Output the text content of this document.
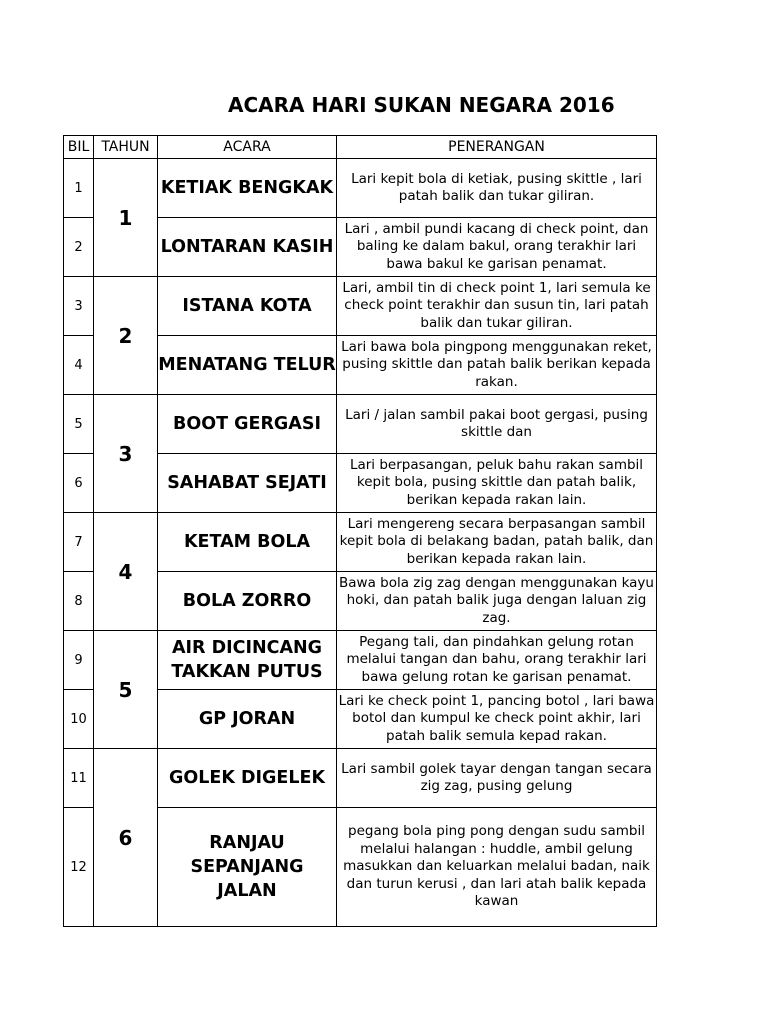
ACARA HARI SUKAN NEGARA 2016
BIL	TAHUN	ACARA	PENERANGAN
1	1	KETIAK BENGKAK	Lari kepit bola di ketiak, pusing skittle , lari patah balik dan tukar giliran.

2		LONTARAN KASIH	Lari , ambil pundi kacang di check point, dan baling ke dalam bakul, orang terakhir lari bawa bakul ke garisan penamat.

3	2	ISTANA KOTA	Lari, ambil tin di check point 1, lari semula ke check point terakhir dan susun tin, lari patah balik dan tukar giliran.

4		MENATANG TELUR	Lari bawa bola pingpong menggunakan reket, pusing skittle dan patah balik berikan kepada rakan.

5	3	BOOT GERGASI	Lari / jalan sambil pakai boot gergasi, pusing skittle dan

6		SAHABAT SEJATI	Lari berpasangan, peluk bahu rakan sambil kepit bola, pusing skittle dan patah balik, berikan kepada rakan lain.

7	4	KETAM BOLA	Lari mengereng secara berpasangan sambil kepit bola di belakang badan, patah balik, dan berikan kepada rakan lain.

8		BOLA ZORRO	Bawa bola zig zag dengan menggunakan kayu hoki, dan patah balik juga dengan laluan zig zag.

9	5	AIR DICINCANG TAKKAN PUTUS	Pegang tali, dan pindahkan gelung rotan melalui tangan dan bahu, orang terakhir lari bawa gelung rotan ke garisan penamat.

10		GP JORAN	Lari ke check point 1, pancing botol , lari bawa botol dan kumpul ke check point akhir, lari patah balik semula kepad rakan.

11	6	GOLEK DIGELEK	Lari sambil golek tayar dengan tangan secara zig zag, pusing gelung

12		RANJAU SEPANJANG JALAN	pegang bola ping pong dengan sudu sambil melalui halangan : huddle, ambil gelung masukkan dan keluarkan melalui badan, naik dan turun kerusi , dan lari atah balik kepada kawan
